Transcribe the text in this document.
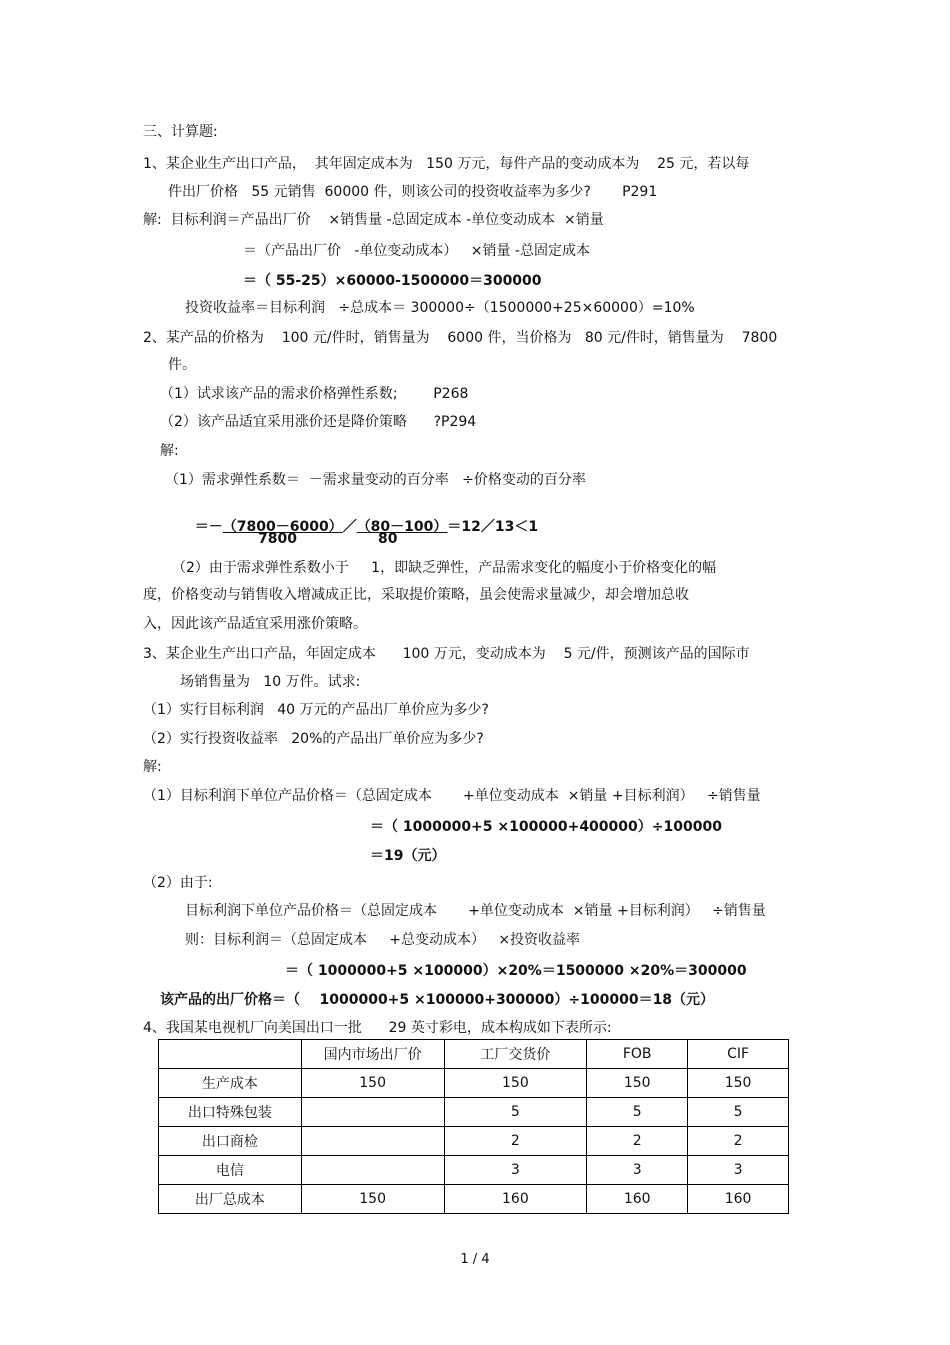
三、计算题:
1、某企业生产出口产品，  其年固定成本为   150 万元，每件产品的变动成本为    25 元，若以每
件出厂价格   55 元销售  60000 件，则该公司的投资收益率为多少?       P291
解:  目标利润＝产品出厂价    ×销售量 -总固定成本 -单位变动成本  ×销量
＝（产品出厂价   -单位变动成本）   ×销量 -总固定成本
＝（ 55-25）×60000-1500000＝300000
投资收益率＝目标利润   ÷总成本＝ 300000÷（1500000+25×60000）=10%
2、某产品的价格为    100 元/件时，销售量为    6000 件，当价格为   80 元/件时，销售量为    7800
件。
（1）试求该产品的需求价格弹性系数;        P268
（2）该产品适宜采用涨价还是降价策略      ?P294
解:
（1）需求弹性系数＝  －需求量变动的百分率   ÷价格变动的百分率

＝－（7800－6000）／（80－100）＝12／13＜1

7800	80
（2）由于需求弹性系数小于     1，即缺乏弹性，产品需求变化的幅度小于价格变化的幅
度，价格变动与销售收入增减成正比，采取提价策略，虽会使需求量减少，却会增加总收
入，因此该产品适宜采用涨价策略。
3、某企业生产出口产品，年固定成本      100 万元，变动成本为    5 元/件，预测该产品的国际市
场销售量为   10 万件。试求:
（1）实行目标利润   40 万元的产品出厂单价应为多少?
（2）实行投资收益率   20%的产品出厂单价应为多少?
解:
（1）目标利润下单位产品价格＝（总固定成本       +单位变动成本  ×销量 +目标利润）   ÷销售量
＝（ 1000000+5 ×100000+400000）÷100000
＝19（元）
（2）由于:
目标利润下单位产品价格＝（总固定成本       +单位变动成本  ×销量 +目标利润）   ÷销售量
则：目标利润＝（总固定成本     +总变动成本）   ×投资收益率
＝（ 1000000+5 ×100000）×20%＝1500000 ×20%＝300000
该产品的出厂价格＝（    1000000+5 ×100000+300000）÷100000＝18（元）
4、我国某电视机厂向美国出口一批      29 英寸彩电，成本构成如下表所示:
	国内市场出厂价	工厂交货价	FOB	CIF
生产成本	150	150	150	150
出口特殊包装		5	5	5
出口商检		2	2	2
电信		3	3	3
出厂总成本	150	160	160	160
1 / 4
